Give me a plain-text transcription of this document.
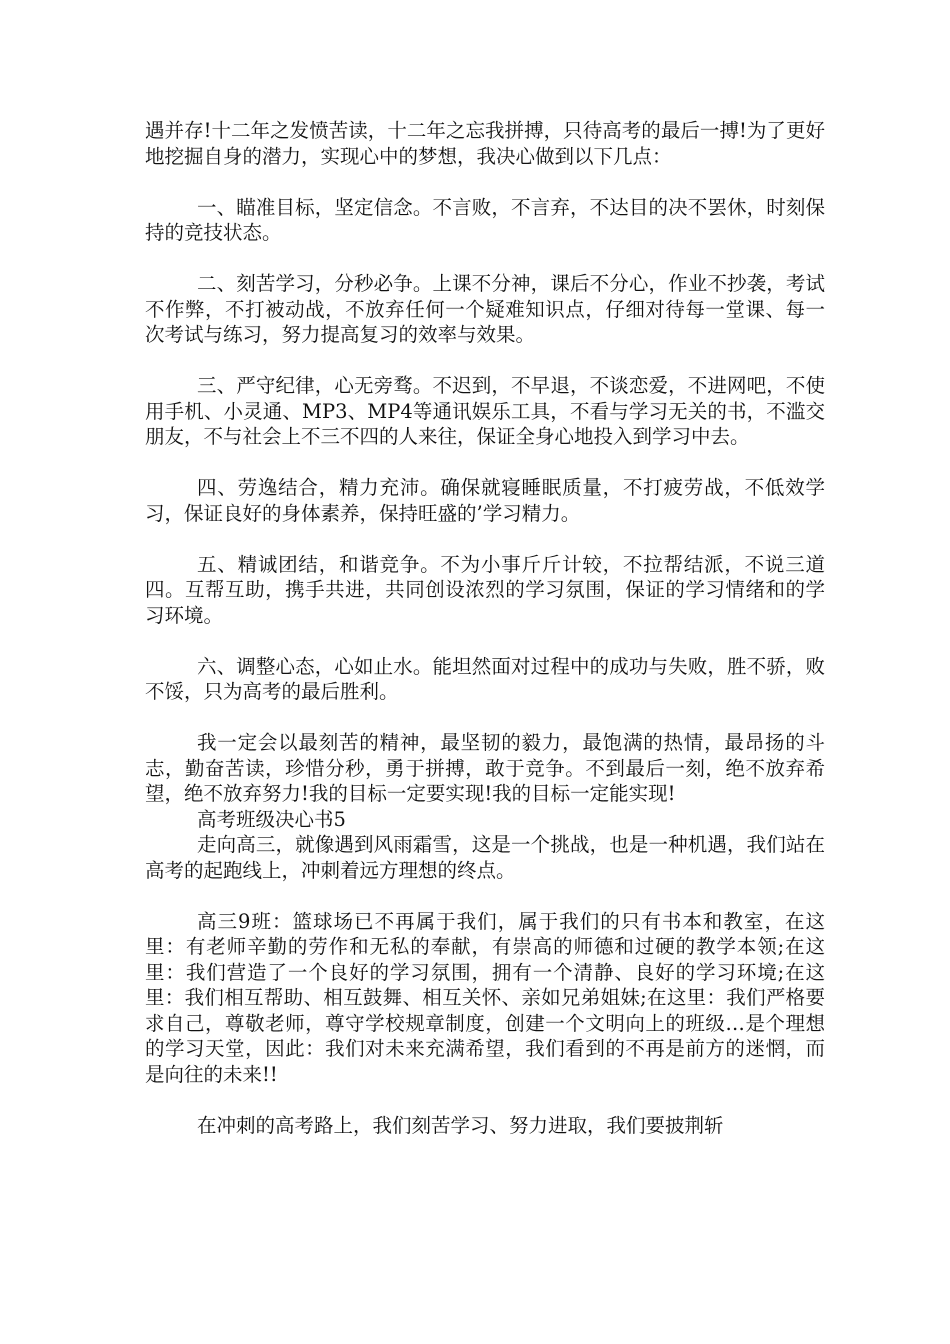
遇并存!十二年之发愤苦读，十二年之忘我拼搏，只待高考的最后一搏!为了更好地挖掘自身的潜力，实现心中的梦想，我决心做到以下几点：

一、瞄准目标，坚定信念。不言败，不言弃，不达目的决不罢休，时刻保持的竞技状态。

二、刻苦学习，分秒必争。上课不分神，课后不分心，作业不抄袭，考试不作弊，不打被动战，不放弃任何一个疑难知识点，仔细对待每一堂课、每一次考试与练习，努力提高复习的效率与效果。

三、严守纪律，心无旁骛。不迟到，不早退，不谈恋爱，不进网吧，不使用手机、小灵通、MP3、MP4等通讯娱乐工具，不看与学习无关的书，不滥交朋友，不与社会上不三不四的人来往，保证全身心地投入到学习中去。

四、劳逸结合，精力充沛。确保就寝睡眠质量，不打疲劳战，不低效学习，保证良好的身体素养，保持旺盛的’学习精力。

五、精诚团结，和谐竞争。不为小事斤斤计较，不拉帮结派，不说三道四。互帮互助，携手共进，共同创设浓烈的学习氛围，保证的学习情绪和的学习环境。

六、调整心态，心如止水。能坦然面对过程中的成功与失败，胜不骄，败不馁，只为高考的最后胜利。

我一定会以最刻苦的精神，最坚韧的毅力，最饱满的热情，最昂扬的斗志，勤奋苦读，珍惜分秒，勇于拼搏，敢于竞争。不到最后一刻，绝不放弃希望，绝不放弃努力!我的目标一定要实现!我的目标一定能实现!

高考班级决心书5

走向高三，就像遇到风雨霜雪，这是一个挑战，也是一种机遇，我们站在高考的起跑线上，冲刺着远方理想的终点。

高三9班：篮球场已不再属于我们，属于我们的只有书本和教室，在这里：有老师辛勤的劳作和无私的奉献，有崇高的师德和过硬的教学本领;在这里：我们营造了一个良好的学习氛围，拥有一个清静、良好的学习环境;在这里：我们相互帮助、相互鼓舞、相互关怀、亲如兄弟姐妹;在这里：我们严格要求自己，尊敬老师，尊守学校规章制度，创建一个文明向上的班级…是个理想的学习天堂，因此：我们对未来充满希望，我们看到的不再是前方的迷惘，而是向往的未来!!

在冲刺的高考路上，我们刻苦学习、努力进取，我们要披荆斩
